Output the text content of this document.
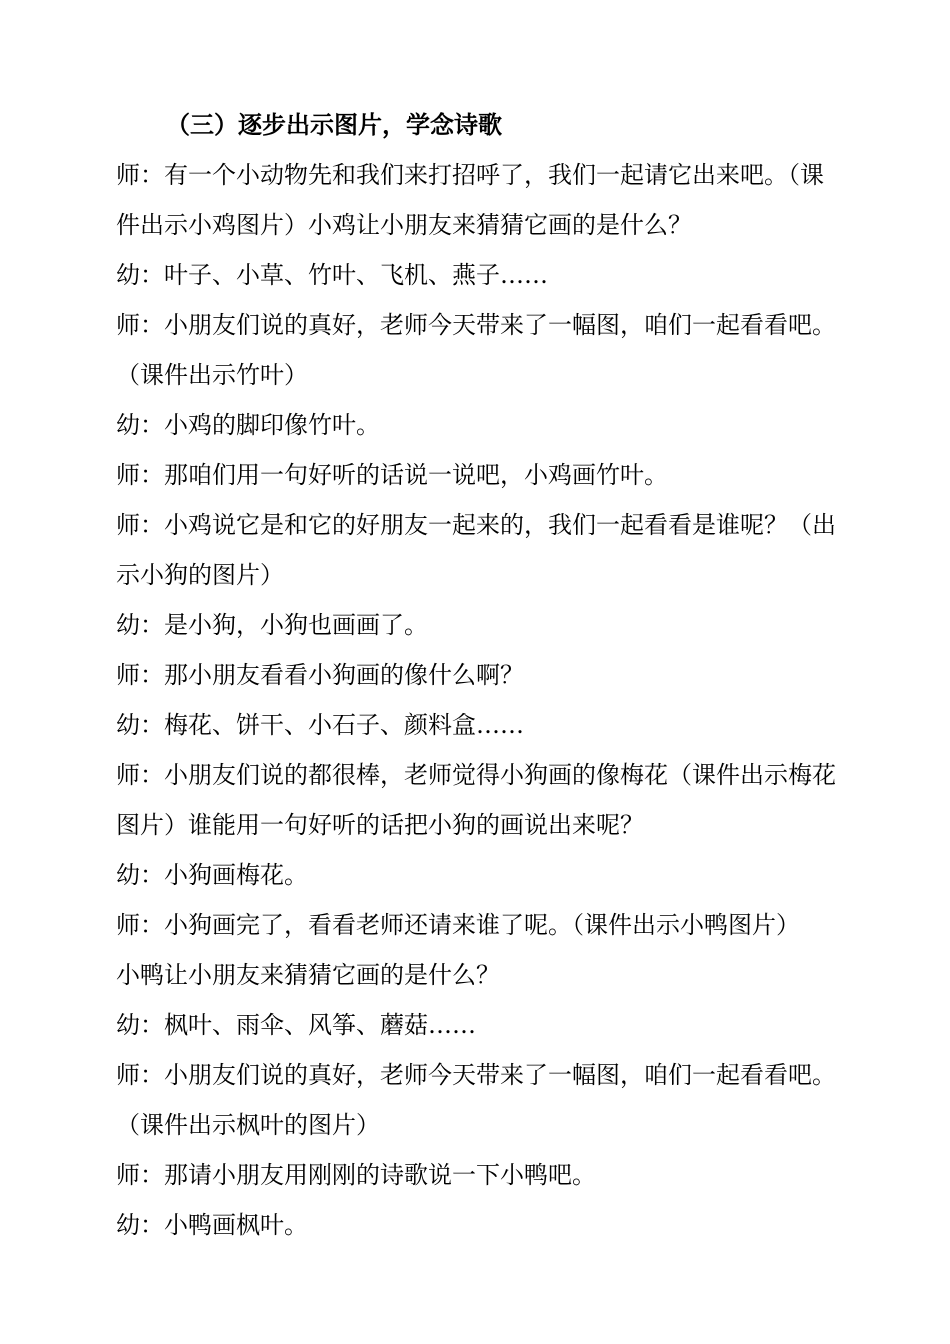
（三）逐步出示图片，学念诗歌
师：有一个小动物先和我们来打招呼了，我们一起请它出来吧。（课
件出示小鸡图片）小鸡让小朋友来猜猜它画的是什么？
幼：叶子、小草、竹叶、飞机、燕子……
师：小朋友们说的真好，老师今天带来了一幅图，咱们一起看看吧。
（课件出示竹叶）
幼：小鸡的脚印像竹叶。
师：那咱们用一句好听的话说一说吧，小鸡画竹叶。
师：小鸡说它是和它的好朋友一起来的，我们一起看看是谁呢？（出
示小狗的图片）
幼：是小狗，小狗也画画了。
师：那小朋友看看小狗画的像什么啊？
幼：梅花、饼干、小石子、颜料盒……
师：小朋友们说的都很棒，老师觉得小狗画的像梅花（课件出示梅花
图片）谁能用一句好听的话把小狗的画说出来呢？
幼：小狗画梅花。
师：小狗画完了，看看老师还请来谁了呢。（课件出示小鸭图片）
小鸭让小朋友来猜猜它画的是什么？
幼：枫叶、雨伞、风筝、蘑菇……
师：小朋友们说的真好，老师今天带来了一幅图，咱们一起看看吧。
（课件出示枫叶的图片）
师：那请小朋友用刚刚的诗歌说一下小鸭吧。
幼：小鸭画枫叶。
